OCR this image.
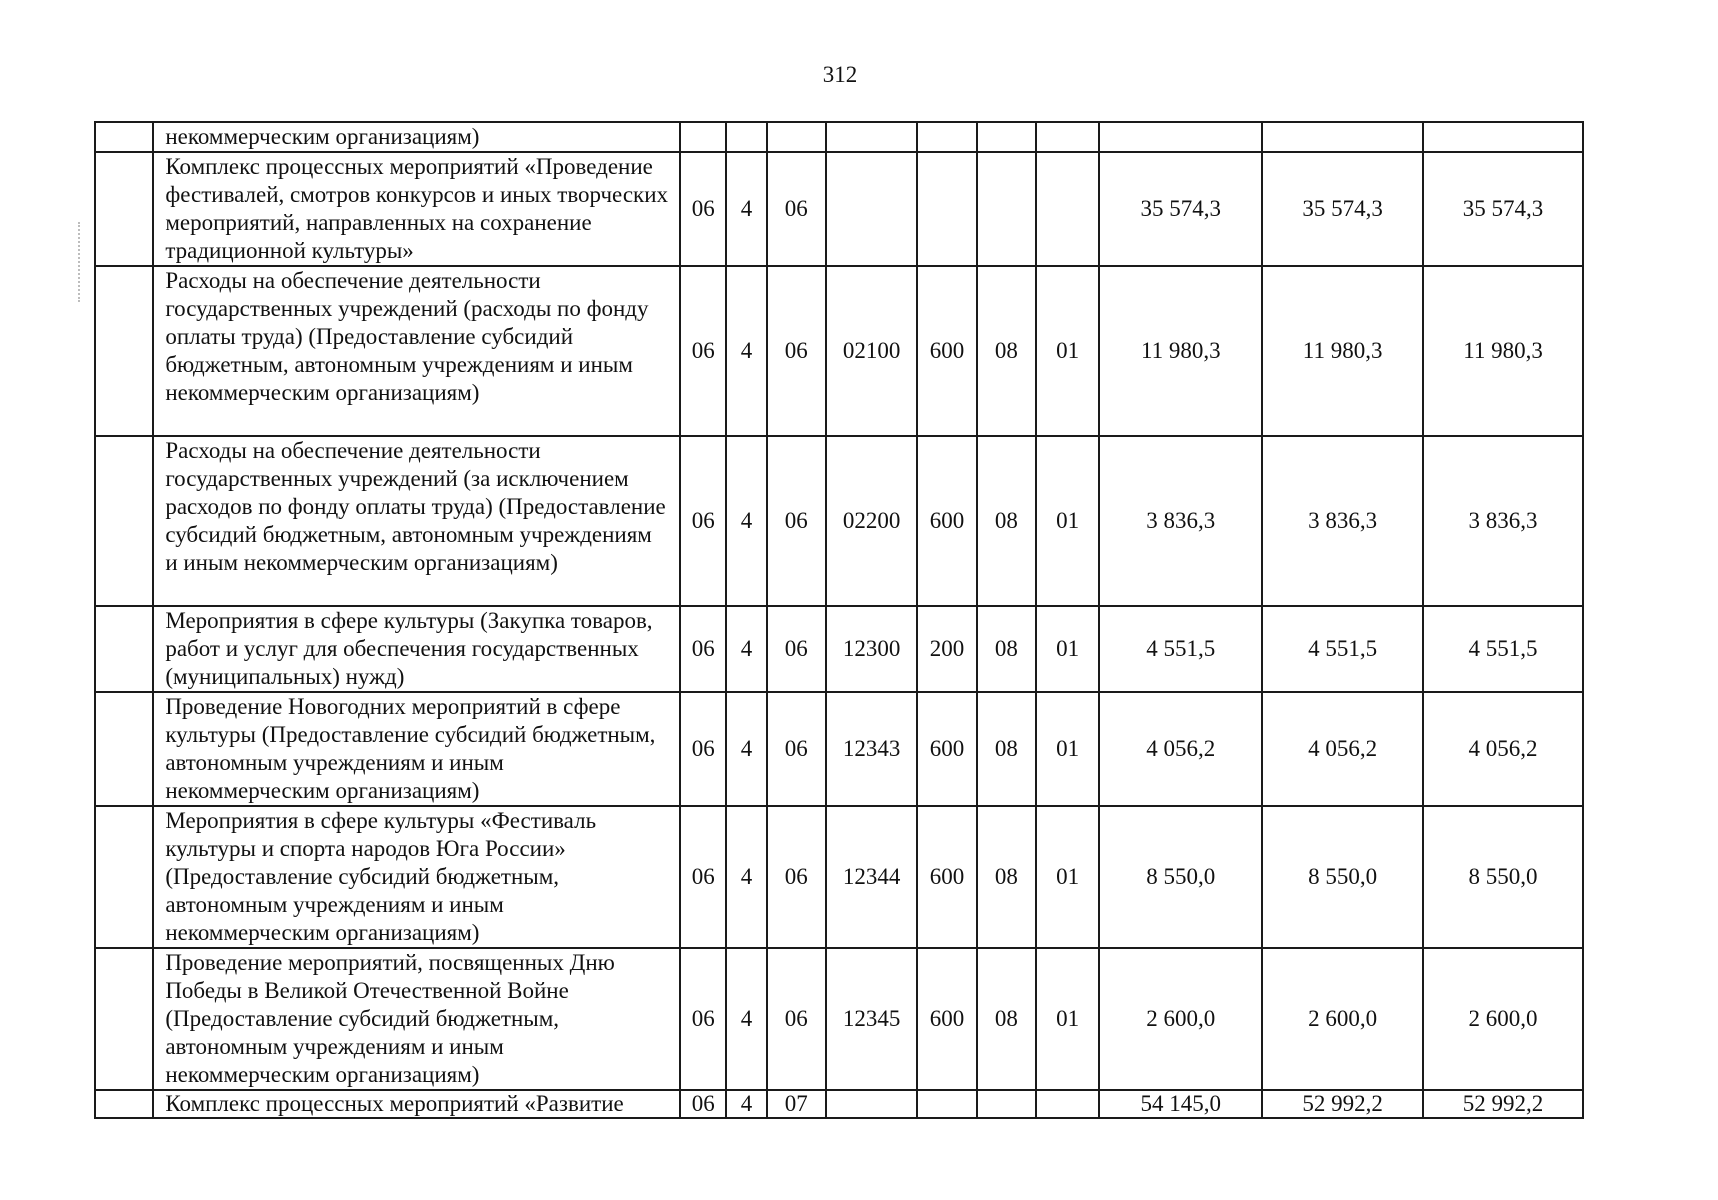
312
	некоммерческим организациям)										
	Комплекс процессных мероприятий «Проведение фестивалей, смотров конкурсов и иных творческих мероприятий, направленных на сохранение традиционной культуры»	06	4	06					35 574,3	35 574,3	35 574,3
	Расходы на обеспечение деятельности государственных учреждений (расходы по фонду оплаты труда) (Предоставление субсидий бюджетным, автономным учреждениям и иным некоммерческим организациям)	06	4	06	02100	600	08	01	11 980,3	11 980,3	11 980,3
	Расходы на обеспечение деятельности государственных учреждений (за исключением расходов по фонду оплаты труда) (Предоставление субсидий бюджетным, автономным учреждениям и иным некоммерческим организациям)	06	4	06	02200	600	08	01	3 836,3	3 836,3	3 836,3
	Мероприятия в сфере культуры (Закупка товаров, работ и услуг для обеспечения государственных (муниципальных) нужд)	06	4	06	12300	200	08	01	4 551,5	4 551,5	4 551,5
	Проведение Новогодних мероприятий в сфере культуры (Предоставление субсидий бюджетным, автономным учреждениям и иным некоммерческим организациям)	06	4	06	12343	600	08	01	4 056,2	4 056,2	4 056,2
	Мероприятия в сфере культуры «Фестиваль культуры и спорта народов Юга России» (Предоставление субсидий бюджетным, автономным учреждениям и иным некоммерческим организациям)	06	4	06	12344	600	08	01	8 550,0	8 550,0	8 550,0
	Проведение мероприятий, посвященных Дню Победы в Великой Отечественной Войне (Предоставление субсидий бюджетным, автономным учреждениям и иным некоммерческим организациям)	06	4	06	12345	600	08	01	2 600,0	2 600,0	2 600,0
	Комплекс процессных мероприятий «Развитие	06	4	07					54 145,0	52 992,2	52 992,2
